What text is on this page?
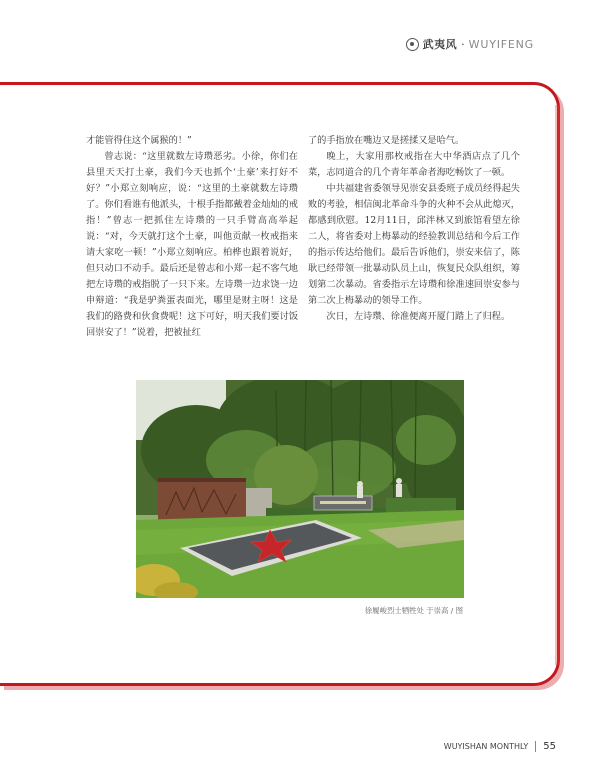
武夷风 · WUYIFENG

才能管得住这个属猴的！”

曾志说：“这里就数左诗瓒恶劣。小徐，你们在县里天天打土豪，我们今天也抓个‘土豪’来打好不好？”小郑立刻响应，说：“这里的土豪就数左诗瓒了。你们看谁有他派头，十根手指都戴着金灿灿的戒指！”曾志一把抓住左诗瓒的一只手臂高高举起说：“对，今天就打这个土豪，叫他贡献一枚戒指来请大家吃一顿！”小郑立刻响应。柏桦也跟着说好，但只动口不动手。最后还是曾志和小郑一起不客气地把左诗瓒的戒指脱了一只下来。左诗瓒一边求饶一边申辩道：“我是驴粪蛋表面光，哪里是财主呀！这是我们的路费和伙食费呢！这下可好，明天我们要讨饭回崇安了！”说着，把被扯红

了的手指放在嘴边又是搓揉又是哈气。

晚上，大家用那枚戒指在大中华酒店点了几个菜，志同道合的几个青年革命者海吃畅饮了一顿。

中共福建省委领导见崇安县委班子成员经得起失败的考验，相信闽北革命斗争的火种不会从此熄灭，都感到欣慰。12月11日，邱泮林又到旅馆看望左徐二人，将省委对上梅暴动的经验教训总结和今后工作的指示传达给他们。最后告诉他们，崇安来信了，陈耿已经带领一批暴动队员上山，恢复民众队组织，筹划第二次暴动。省委指示左诗瓒和徐准速回崇安参与第二次上梅暴动的领导工作。

次日，左诗瓒、徐准便离开厦门踏上了归程。

徐履峻烈士牺牲处 于崇高 / 图
WUYISHAN MONTHLY 55
